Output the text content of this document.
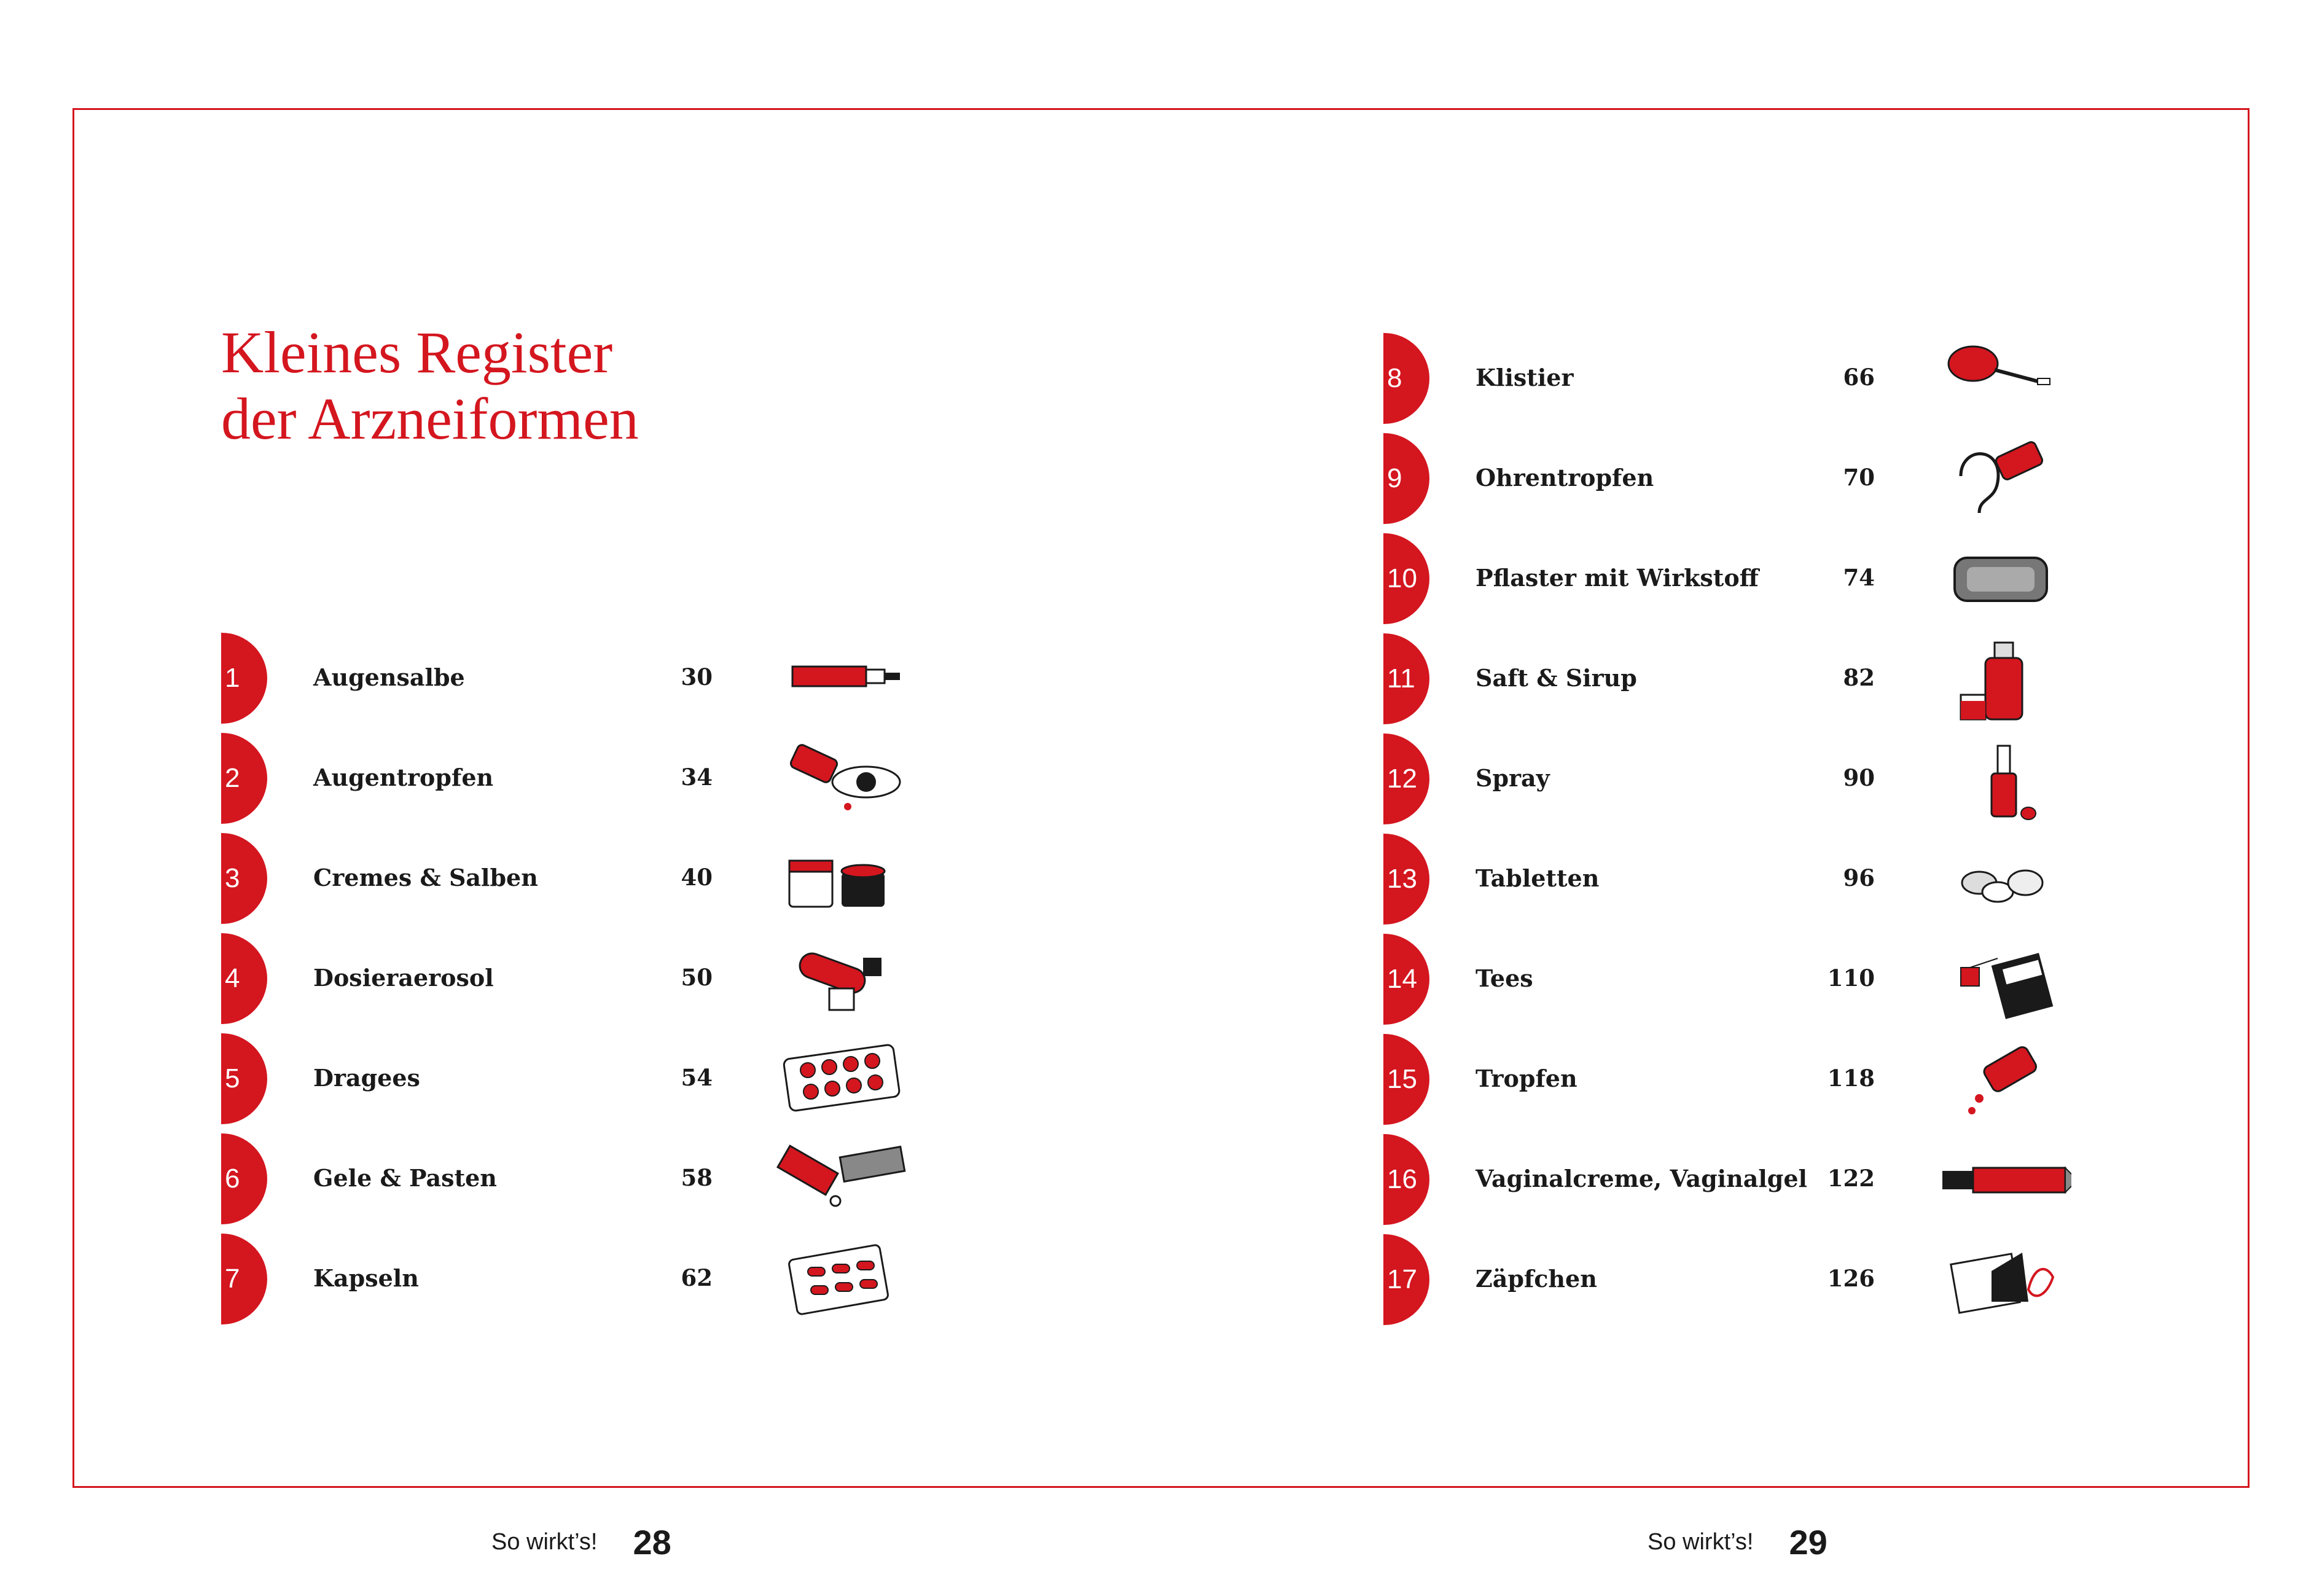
Kleines Register
der Arzneiformen
1	Augensalbe	30
2	Augentropfen	34
3	Cremes & Salben	40
4	Dosieraerosol	50
5	Dragees	54
6	Gele & Pasten	58
7	Kapseln	62
8	Klistier	66
9	Ohrentropfen	70
10	Pflaster mit Wirkstoff	74
11	Saft & Sirup	82
12	Spray	90
13	Tabletten	96
14	Tees	110
15	Tropfen	118
16	Vaginalcreme, Vaginalgel 122
17	Zäpfchen	126
So wirkt’s! 28	So wirkt’s! 29
